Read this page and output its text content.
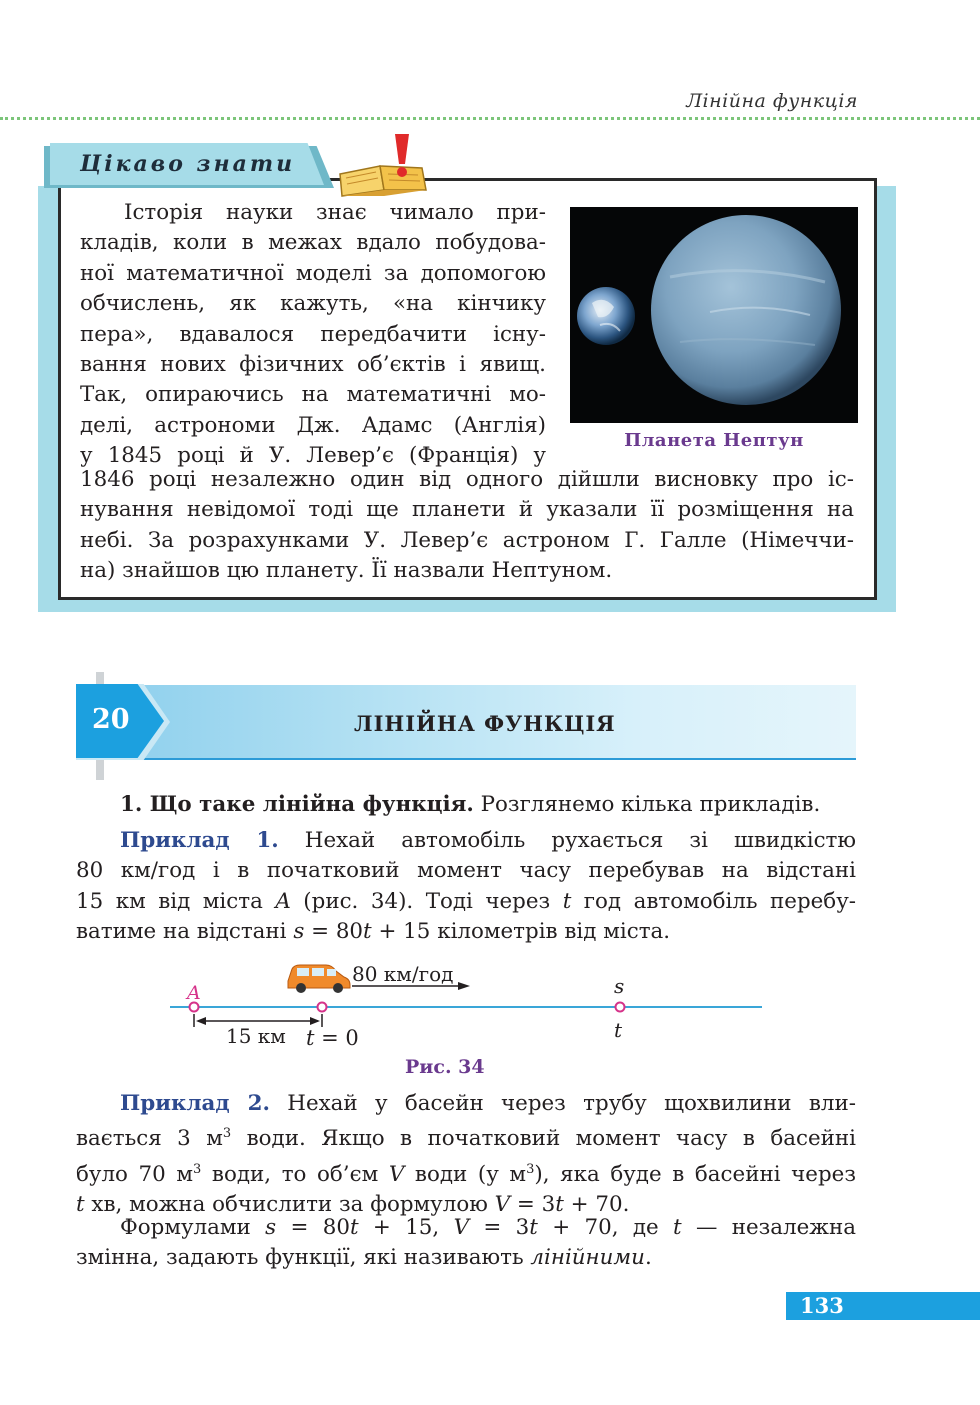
Лінійна функція
Цікаво знати
Історія науки знає чимало при-
кладів, коли в межах вдало побудова-
ної математичної моделі за допомогою
обчислень, як кажуть, «на кінчику
пера», вдавалося передбачити існу-
вання нових фізичних об’єктів і явищ.
Так, опираючись на математичні мо-
делі, астрономи Дж. Адамс (Англія)
у 1845 році й У. Левер’є (Франція) у
Планета Нептун
1846 році незалежно один від одного дійшли висновку про іс-
нування невідомої тоді ще планети й указали її розміщення на
небі. За розрахунками У. Левер’є астроном Г. Галле (Німеччи-
на) знайшов цю планету. Її назвали Нептуном.
20	ЛІНІЙНА ФУНКЦІЯ
1. Що таке лінійна функція. Розглянемо кілька прикладів.
Приклад 1. Нехай автомобіль рухається зі швидкістю
80 км/год і в початковий момент часу перебував на відстані
15 км від міста A (рис. 34). Тоді через t год автомобіль перебу-
ватиме на відстані s = 80t + 15 кілометрів від міста.
80 км/год
A
15 км t = 0
s
t
Рис. 34
Приклад 2. Нехай у басейн через трубу щохвилини вли-
вається 3 $м^3$ води. Якщо в початковий момент часу в басейні
було 70 $м^3$ води, то об’єм V води (у $м^3$), яка буде в басейні через
t хв, можна обчислити за формулою V = 3t + 70.
Формулами s = 80t + 15, V = 3t + 70, де t — незалежна
змінна, задають функції, які називають лінійними.
133
